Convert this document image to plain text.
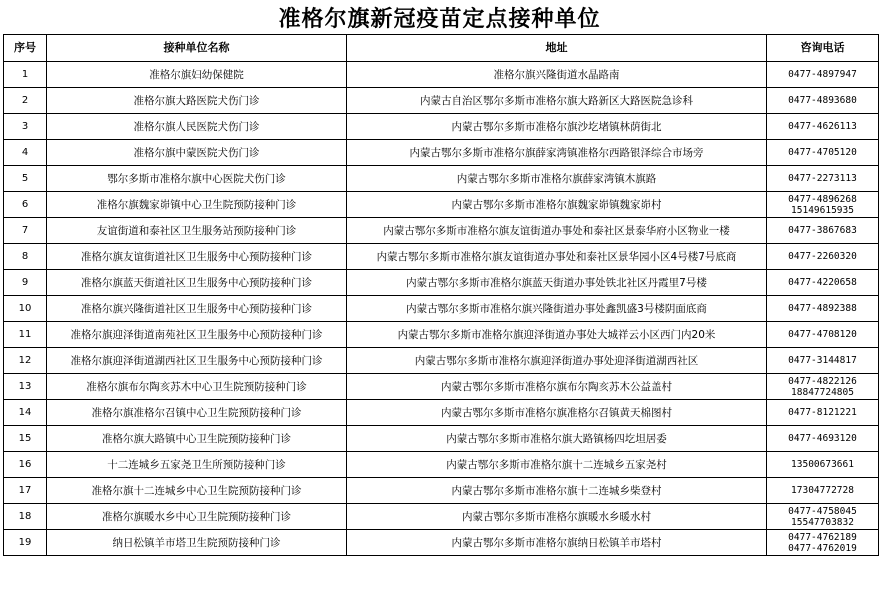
准格尔旗新冠疫苗定点接种单位
序号	接种单位名称	地址	咨询电话
1	准格尔旗妇幼保健院	准格尔旗兴隆街道水晶路南	0477-4897947

2	准格尔旗大路医院犬伤门诊	内蒙古自治区鄂尔多斯市准格尔旗大路新区大路医院急诊科	0477-4893680

3	准格尔旗人民医院犬伤门诊	内蒙古鄂尔多斯市准格尔旗沙圪堵镇林荫街北	0477-4626113

4	准格尔旗中蒙医院犬伤门诊	内蒙古鄂尔多斯市准格尔旗薛家湾镇准格尔西路银泽综合市场旁	0477-4705120

5	鄂尔多斯市准格尔旗中心医院犬伤门诊	内蒙古鄂尔多斯市准格尔旗薛家湾镇木旗路	0477-2273113

6	准格尔旗魏家峁镇中心卫生院预防接种门诊	内蒙古鄂尔多斯市准格尔旗魏家峁镇魏家峁村	0477-4896268
15149615935

7	友谊街道和泰社区卫生服务站预防接种门诊	内蒙古鄂尔多斯市准格尔旗友谊街道办事处和泰社区景泰华府小区物业一楼	0477-3867683

8	准格尔旗友谊街道社区卫生服务中心预防接种门诊	内蒙古鄂尔多斯市准格尔旗友谊街道办事处和泰社区景华园小区4号楼7号底商	0477-2260320

9	准格尔旗蓝天街道社区卫生服务中心预防接种门诊	内蒙古鄂尔多斯市准格尔旗蓝天街道办事处铁北社区丹霞里7号楼	0477-4220658

10	准格尔旗兴隆街道社区卫生服务中心预防接种门诊	内蒙古鄂尔多斯市准格尔旗兴隆街道办事处鑫凯盛3号楼阴面底商	0477-4892388

11	准格尔旗迎泽街道南苑社区卫生服务中心预防接种门诊	内蒙古鄂尔多斯市准格尔旗迎泽街道办事处大城祥云小区西门内20米	0477-4708120

12	准格尔旗迎泽街道湖西社区卫生服务中心预防接种门诊	内蒙古鄂尔多斯市准格尔旗迎泽街道办事处迎泽街道湖西社区	0477-3144817

13	准格尔旗布尔陶亥苏木中心卫生院预防接种门诊	内蒙古鄂尔多斯市准格尔旗布尔陶亥苏木公益盖村	0477-4822126
18847724805

14	准格尔旗准格尔召镇中心卫生院预防接种门诊	内蒙古鄂尔多斯市准格尔旗准格尔召镇黄天棉图村	0477-8121221

15	准格尔旗大路镇中心卫生院预防接种门诊	内蒙古鄂尔多斯市准格尔旗大路镇杨四圪坦居委	0477-4693120

16	十二连城乡五家尧卫生所预防接种门诊	内蒙古鄂尔多斯市准格尔旗十二连城乡五家尧村	13500673661

17	准格尔旗十二连城乡中心卫生院预防接种门诊	内蒙古鄂尔多斯市准格尔旗十二连城乡柴登村	17304772728

18	准格尔旗暖水乡中心卫生院预防接种门诊	内蒙古鄂尔多斯市准格尔旗暖水乡暖水村	0477-4758045
15547703832

19	纳日松镇羊市塔卫生院预防接种门诊	内蒙古鄂尔多斯市准格尔旗纳日松镇羊市塔村	0477-4762189
0477-4762019
